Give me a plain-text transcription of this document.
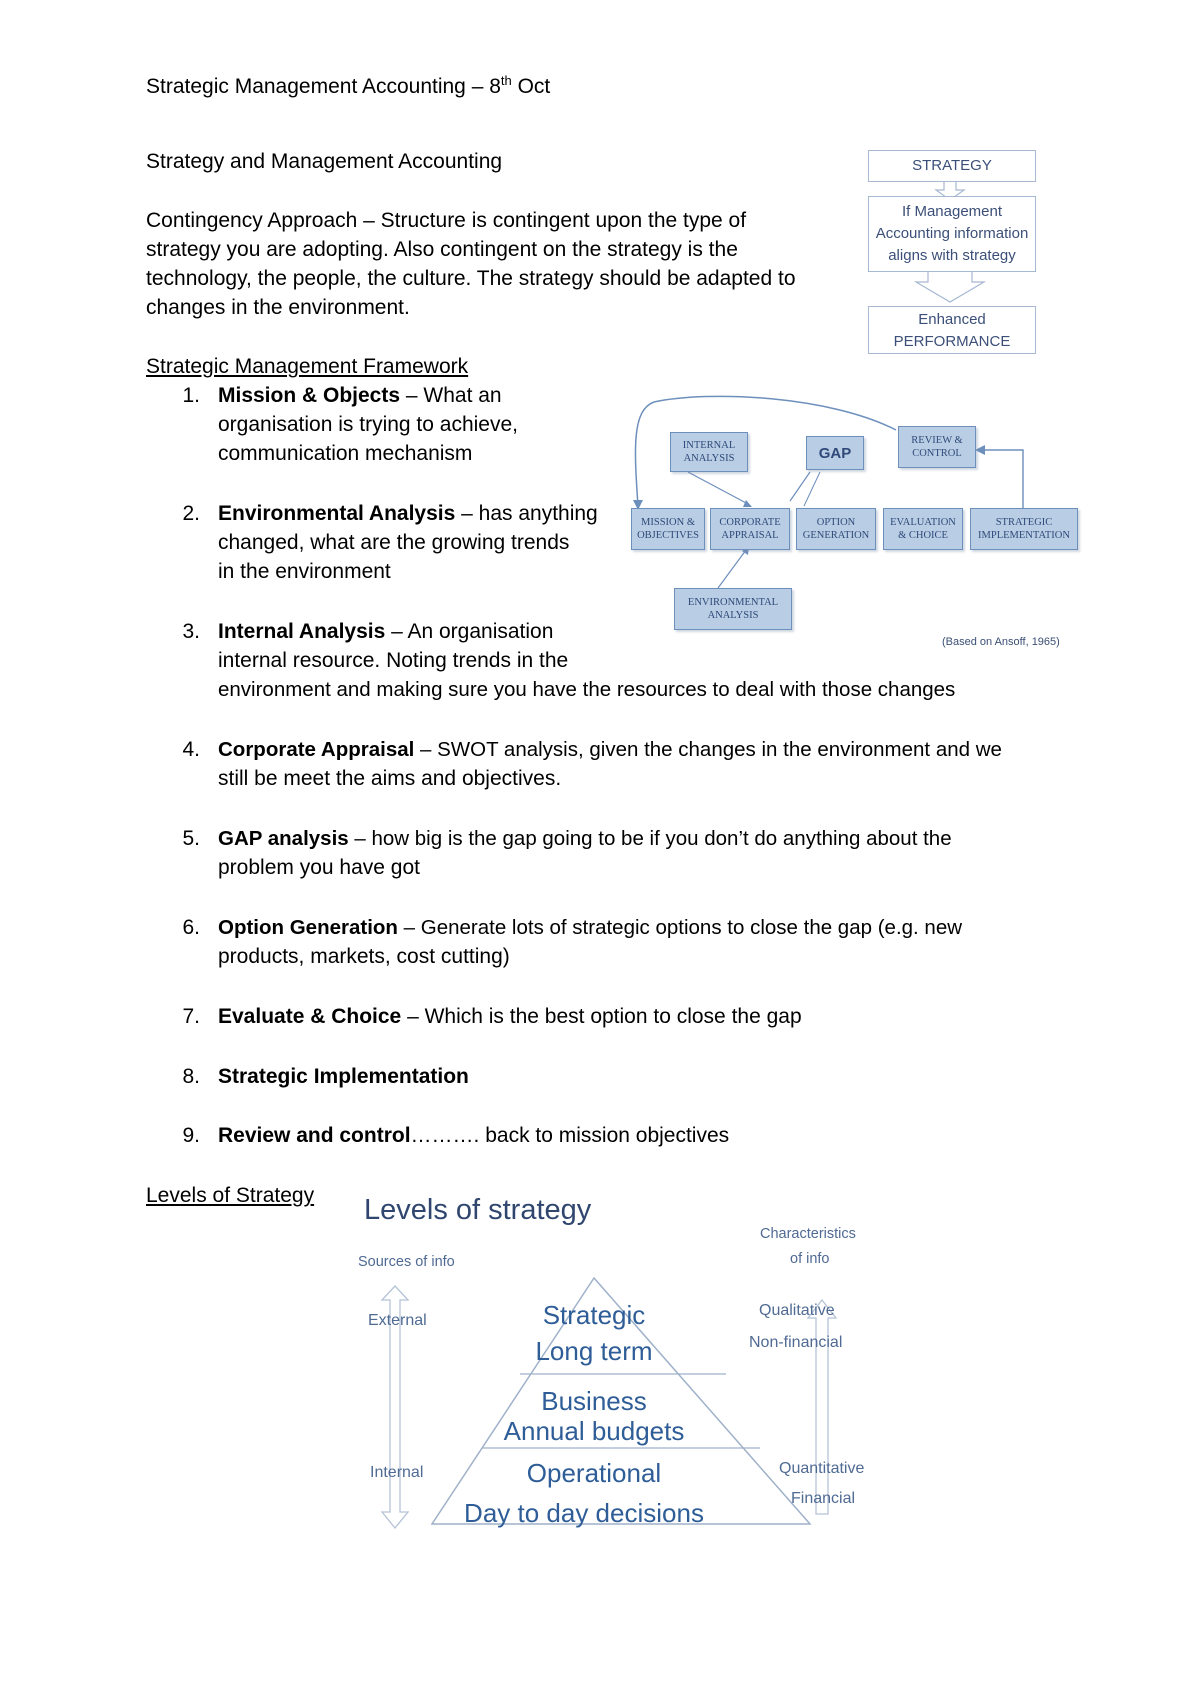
Strategic Management Accounting – 8th Oct
Strategy and Management Accounting
Contingency Approach – Structure is contingent upon the type of
strategy you are adopting. Also contingent on the strategy is the
technology, the people, the culture. The strategy should be adapted to
changes in the environment.
STRATEGY
If Management
Accounting information
aligns with strategy
Enhanced
PERFORMANCE
Strategic Management Framework
1. Mission & Objects – What an
organisation is trying to achieve,
communication mechanism
2. Environmental Analysis – has anything
changed, what are the growing trends
in the environment
3. Internal Analysis – An organisation
internal resource. Noting trends in the
environment and making sure you have the resources to deal with those changes
4. Corporate Appraisal – SWOT analysis, given the changes in the environment and we
still be meet the aims and objectives.
5. GAP analysis – how big is the gap going to be if you don’t do anything about the
problem you have got
6. Option Generation – Generate lots of strategic options to close the gap (e.g. new
products, markets, cost cutting)
7. Evaluate & Choice – Which is the best option to close the gap
8. Strategic Implementation
9. Review and control………. back to mission objectives
INTERNAL
ANALYSIS	GAP
REVIEW &
CONTROL
MISSION &
OBJECTIVES
CORPORATE
APPRAISAL
OPTION
GENERATION
EVALUATION
& CHOICE
STRATEGIC
IMPLEMENTATION
ENVIRONMENTAL
ANALYSIS
(Based on Ansoff, 1965)
Levels of Strategy Levels of strategy
Sources of info
External
Internal
Characteristics
of info
Qualitative
Non-financial
Quantitative
Financial
Strategic
Long term
Business
Annual budgets
Operational
Day to day decisions
